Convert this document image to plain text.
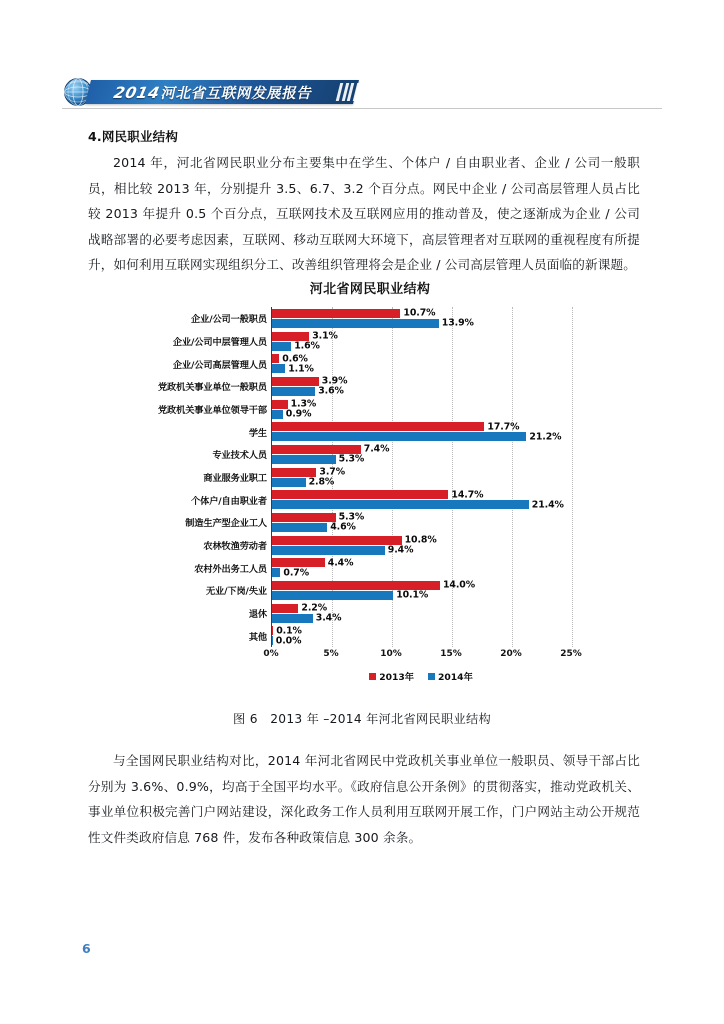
2014河北省互联网发展报告
4.网民职业结构

2014 年，河北省网民职业分布主要集中在学生、个体户 / 自由职业者、企业 / 公司一般职员，相比较 2013 年，分别提升 3.5、6.7、3.2 个百分点。网民中企业 / 公司高层管理人员占比较 2013 年提升 0.5 个百分点，互联网技术及互联网应用的推动普及，使之逐渐成为企业 / 公司战略部署的必要考虑因素，互联网、移动互联网大环境下，高层管理者对互联网的重视程度有所提升，如何利用互联网实现组织分工、改善组织管理将会是企业 / 公司高层管理人员面临的新课题。

河北省网民职业结构
企业/公司一般职员
企业/公司中层管理人员
企业/公司高层管理人员
党政机关事业单位一般职员
党政机关事业单位领导干部
学生
专业技术人员
商业服务业职工
个体户/自由职业者
制造生产型企业工人
农林牧渔劳动者
农村外出务工人员
无业/下岗/失业
退休
其他
10.7%
13.9%
3.1%
1.6%
0.6%
1.1%
3.9%
3.6%
1.3%
0.9%
17.7%
21.2%
7.4%
5.3%
3.7%
2.8%
14.7%
21.4%
5.3%
4.6%
10.8%
9.4%
4.4%
0.7%
14.0%
10.1%
2.2%
3.4%
0.1%
0.0%
0%	5%	10%	15%	20%	25%
2013年	2014年
图 6　2013 年 –2014 年河北省网民职业结构

与全国网民职业结构对比，2014 年河北省网民中党政机关事业单位一般职员、领导干部占比分别为 3.6%、0.9%，均高于全国平均水平。《政府信息公开条例》的贯彻落实，推动党政机关、事业单位积极完善门户网站建设，深化政务工作人员利用互联网开展工作，门户网站主动公开规范性文件类政府信息 768 件，发布各种政策信息 300 余条。

6
